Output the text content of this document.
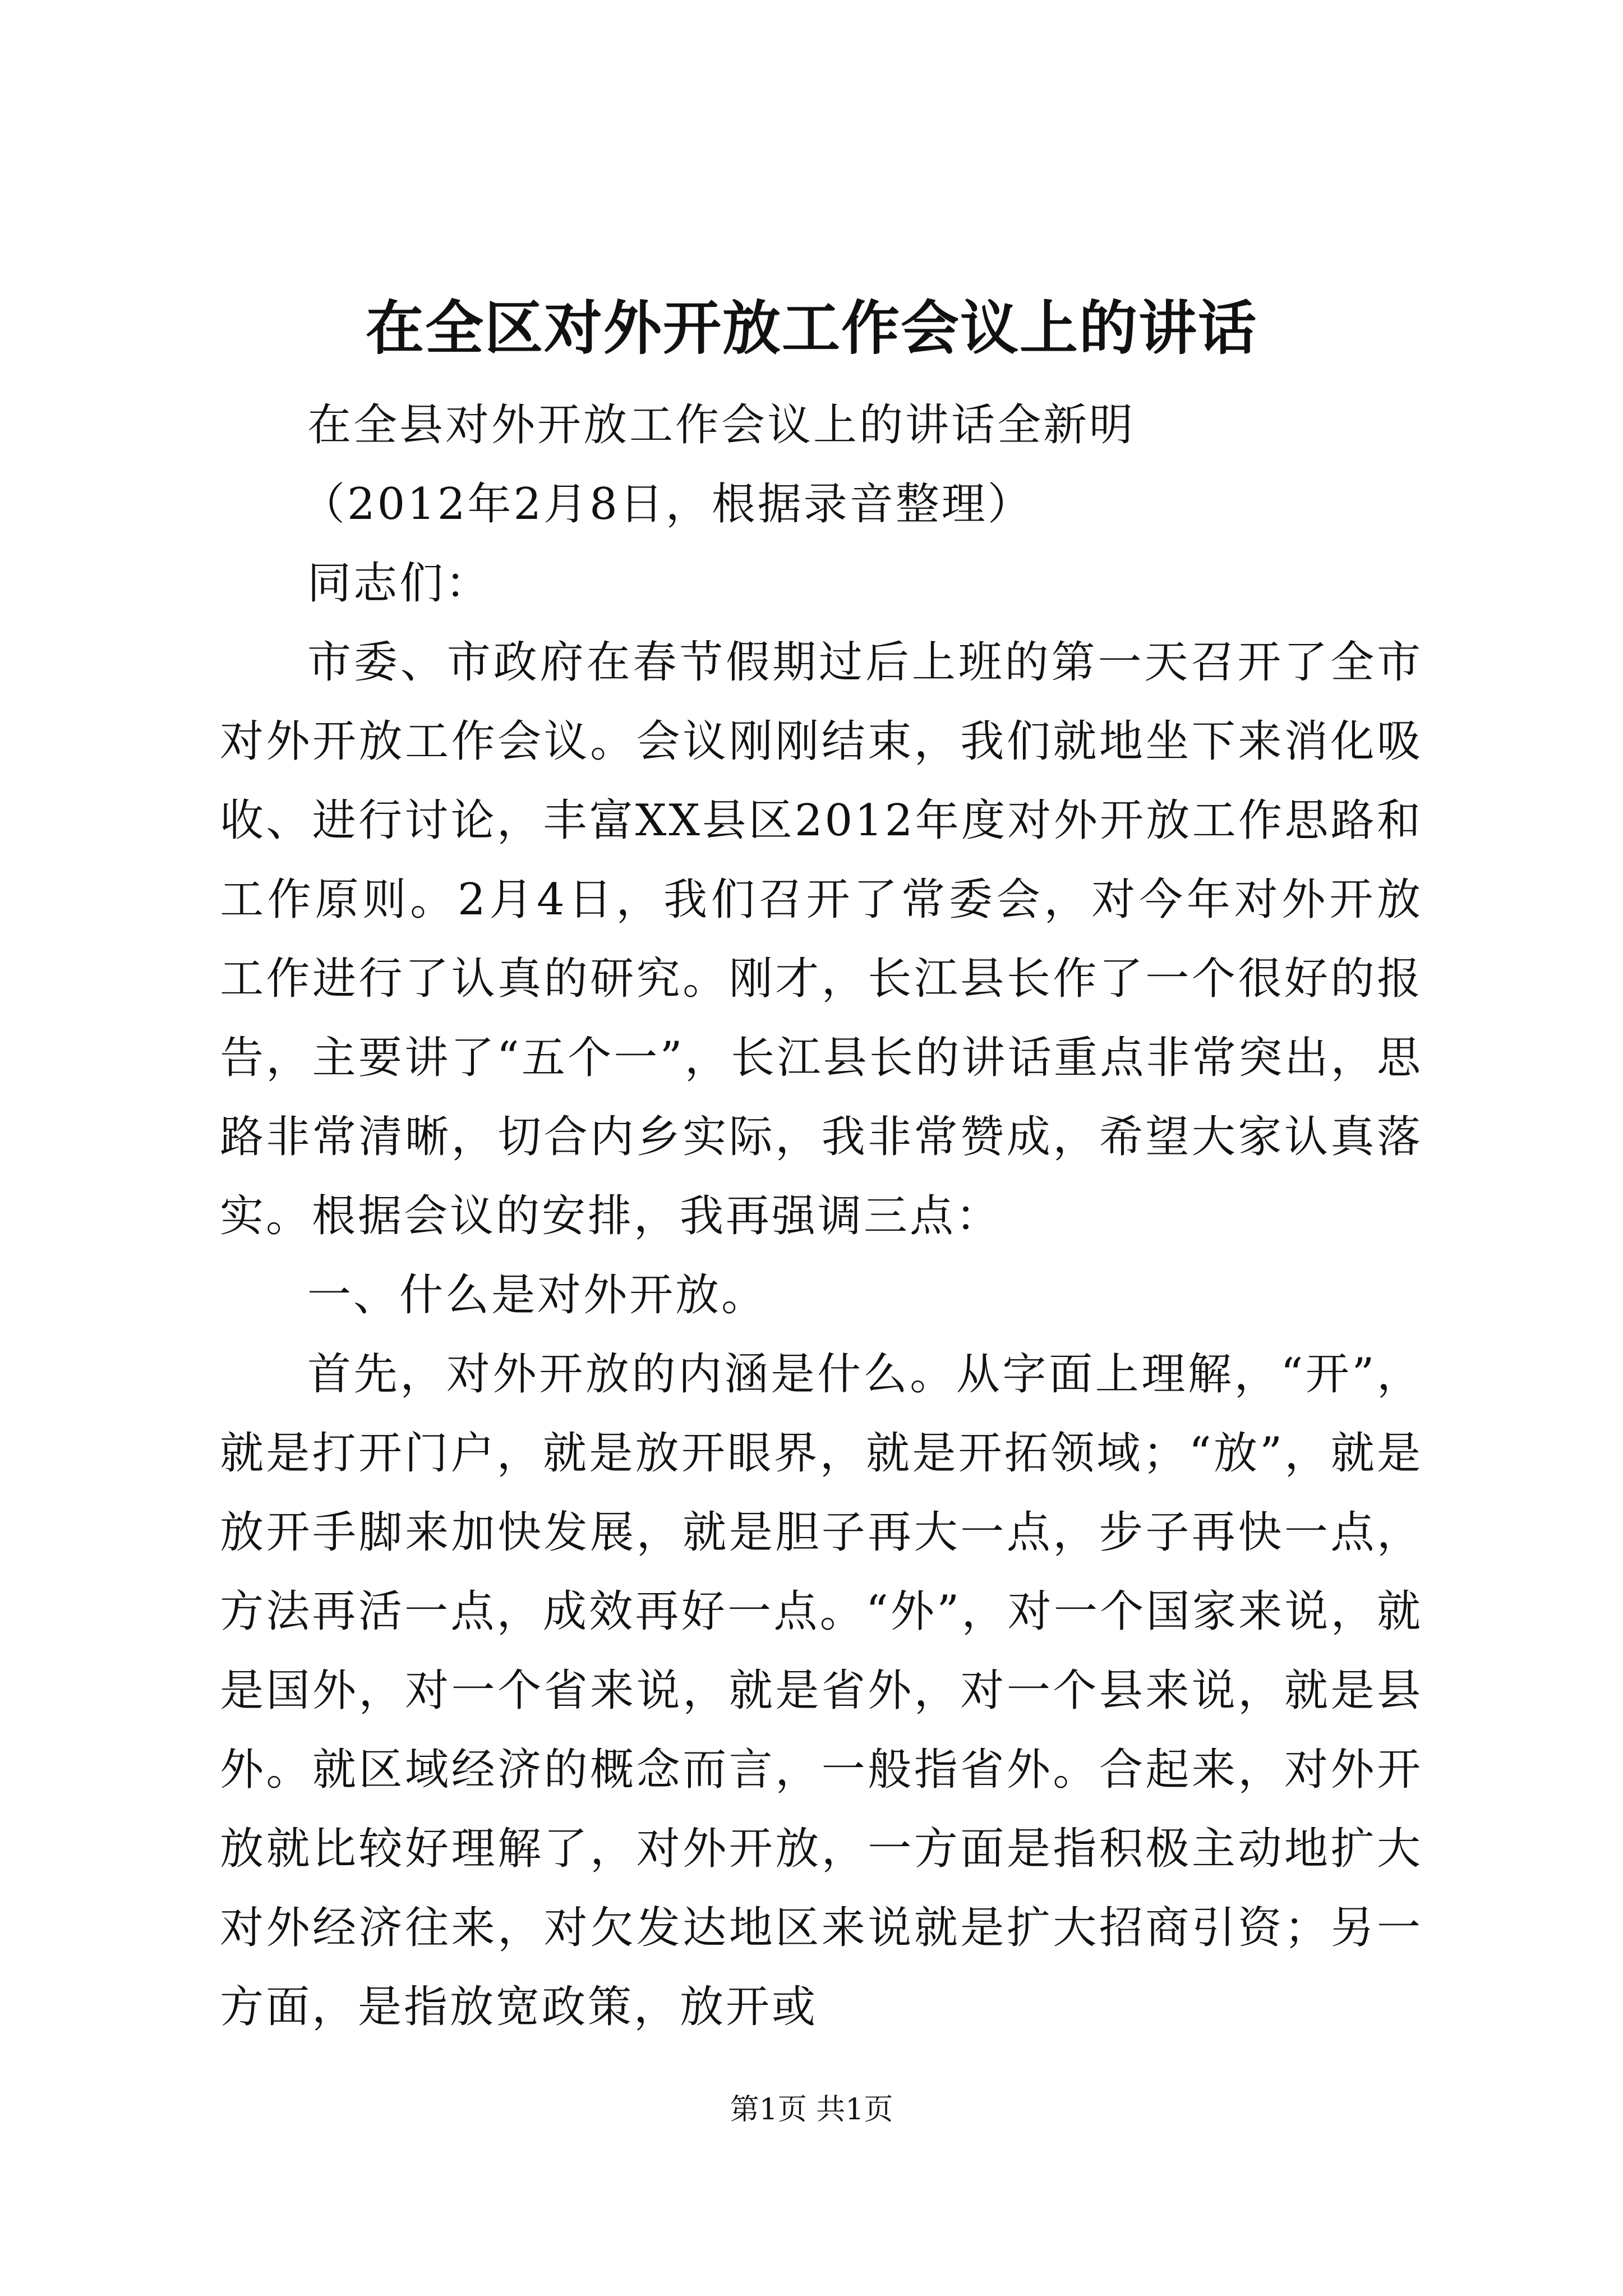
在全区对外开放工作会议上的讲话

在全县对外开放工作会议上的讲话全新明

（2012年2月8日，根据录音整理）

同志们：

市委、市政府在春节假期过后上班的第一天召开了全市对外开放工作会议。会议刚刚结束，我们就地坐下来消化吸收、进行讨论，丰富XX县区2012年度对外开放工作思路和工作原则。2月4日，我们召开了常委会，对今年对外开放工作进行了认真的研究。刚才，长江县长作了一个很好的报告，主要讲了“五个一”，长江县长的讲话重点非常突出，思路非常清晰，切合内乡实际，我非常赞成，希望大家认真落实。根据会议的安排，我再强调三点：

一、什么是对外开放。

首先，对外开放的内涵是什么。从字面上理解，“开”，就是打开门户，就是放开眼界，就是开拓领域；“放”，就是放开手脚来加快发展，就是胆子再大一点，步子再快一点，方法再活一点，成效再好一点。“外”，对一个国家来说，就是国外，对一个省来说，就是省外，对一个县来说，就是县外。就区域经济的概念而言，一般指省外。合起来，对外开放就比较好理解了，对外开放，一方面是指积极主动地扩大对外经济往来，对欠发达地区来说就是扩大招商引资；另一方面，是指放宽政策，放开或

第1页 共1页
